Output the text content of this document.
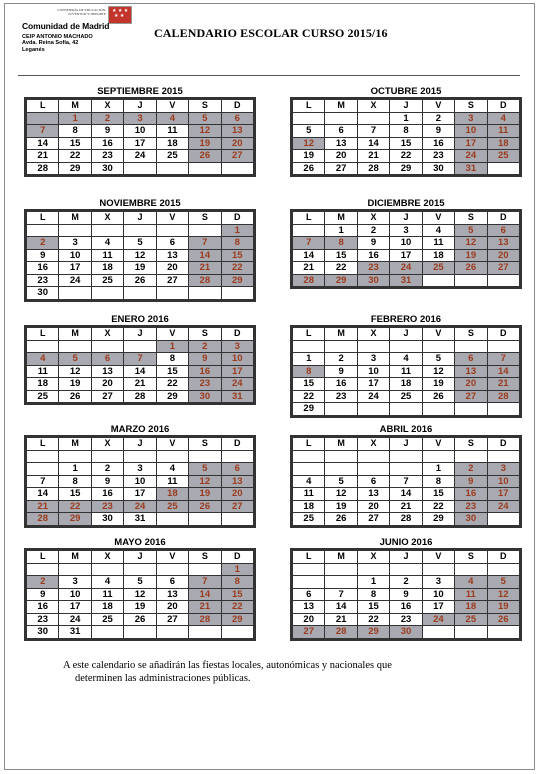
CONSEJERÍA DE EDUCACIÓN,
JUVENTUD Y DEPORTE ★ ★ ★
★ ★
Comunidad de Madrid
CEIP ANTONIO MACHADO
Avda. Reina Sofía, 42
Leganés
CALENDARIO ESCOLAR CURSO 2015/16
SEPTIEMBRE 2015
L	M	X	J	V	S	D
	1	2	3	4	5	6
7	8	9	10	11	12	13
14	15	16	17	18	19	20
21	22	23	24	25	26	27
28	29	30				
OCTUBRE 2015
L	M	X	J	V	S	D
			1	2	3	4
5	6	7	8	9	10	11
12	13	14	15	16	17	18
19	20	21	22	23	24	25
26	27	28	29	30	31	
NOVIEMBRE 2015
L	M	X	J	V	S	D
						1
2	3	4	5	6	7	8
9	10	11	12	13	14	15
16	17	18	19	20	21	22
23	24	25	26	27	28	29
30						
DICIEMBRE 2015
L	M	X	J	V	S	D
	1	2	3	4	5	6
7	8	9	10	11	12	13
14	15	16	17	18	19	20
21	22	23	24	25	26	27
28	29	30	31			
ENERO 2016
L	M	X	J	V	S	D
				1	2	3
4	5	6	7	8	9	10
11	12	13	14	15	16	17
18	19	20	21	22	23	24
25	26	27	28	29	30	31
FEBRERO 2016
L	M	X	J	V	S	D

1	2	3	4	5	6	7
8	9	10	11	12	13	14
15	16	17	18	19	20	21
22	23	24	25	26	27	28
29						
MARZO 2016
L	M	X	J	V	S	D

	1	2	3	4	5	6
7	8	9	10	11	12	13
14	15	16	17	18	19	20
21	22	23	24	25	26	27
28	29	30	31			
ABRIL 2016
L	M	X	J	V	S	D

				1	2	3
4	5	6	7	8	9	10
11	12	13	14	15	16	17
18	19	20	21	22	23	24
25	26	27	28	29	30	
MAYO 2016
L	M	X	J	V	S	D
						1
2	3	4	5	6	7	8
9	10	11	12	13	14	15
16	17	18	19	20	21	22
23	24	25	26	27	28	29
30	31					
JUNIO 2016
L	M	X	J	V	S	D

		1	2	3	4	5
6	7	8	9	10	11	12
13	14	15	16	17	18	19
20	21	22	23	24	25	26
27	28	29	30			
A este calendario se añadirán las fiestas locales, autonómicas y nacionales que
determinen las administraciones públicas.
